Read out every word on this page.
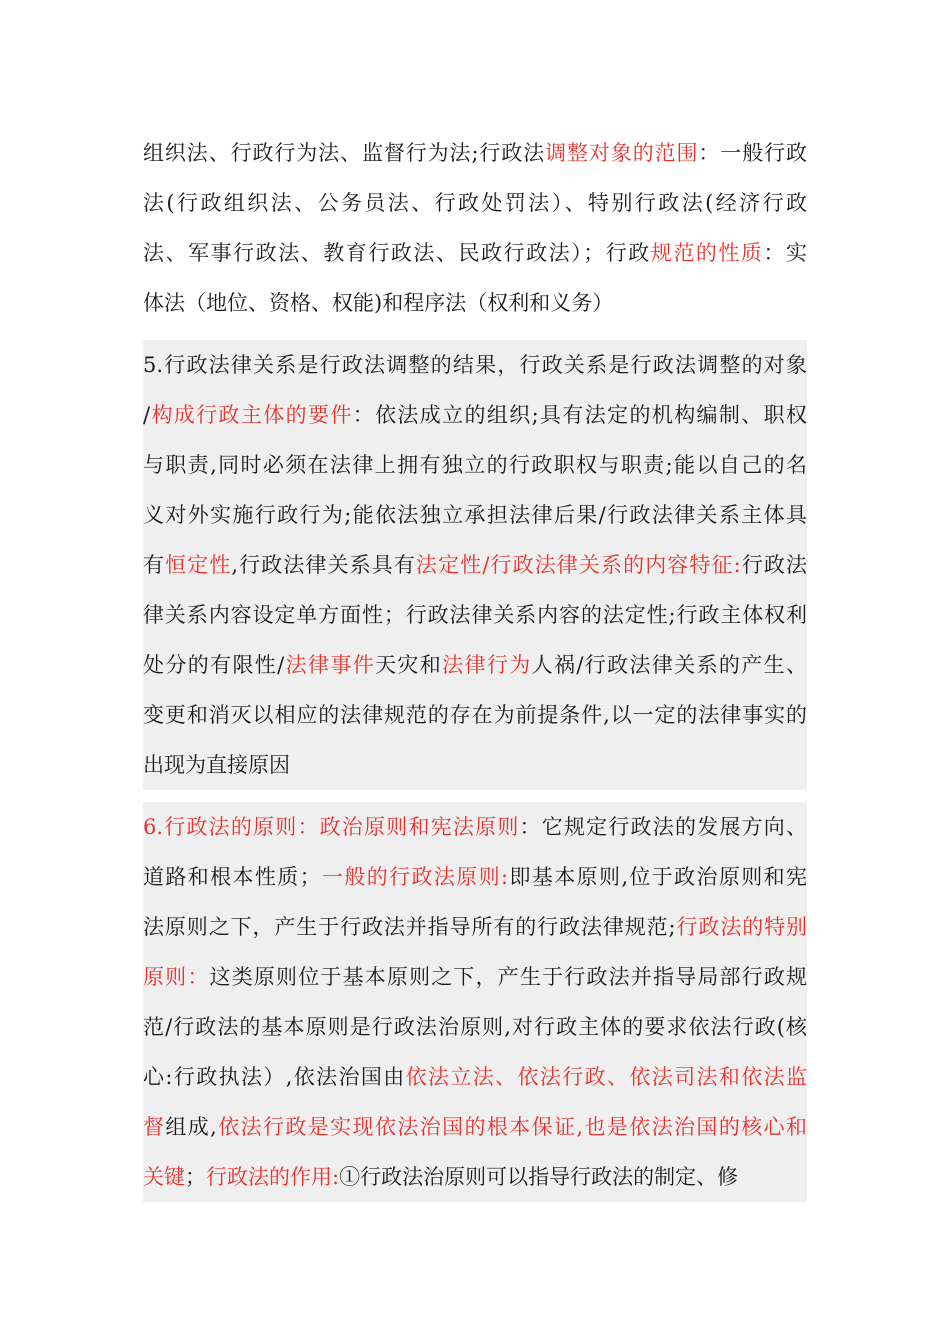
组织法、行政行为法、监督行为法;行政法调整对象的范围：一般行政
法(行政组织法、公务员法、行政处罚法）、特别行政法(经济行政
法、军事行政法、教育行政法、民政行政法）；行政规范的性质：实
体法（地位、资格、权能)和程序法（权利和义务）
5.行政法律关系是行政法调整的结果，行政关系是行政法调整的对象
/构成行政主体的要件：依法成立的组织;具有法定的机构编制、职权
与职责,同时必须在法律上拥有独立的行政职权与职责;能以自己的名
义对外实施行政行为;能依法独立承担法律后果/行政法律关系主体具
有恒定性,行政法律关系具有法定性/行政法律关系的内容特征:行政法
律关系内容设定单方面性；行政法律关系内容的法定性;行政主体权利
处分的有限性/法律事件天灾和法律行为人祸/行政法律关系的产生、
变更和消灭以相应的法律规范的存在为前提条件,以一定的法律事实的
出现为直接原因
6.行政法的原则：政治原则和宪法原则：它规定行政法的发展方向、
道路和根本性质；一般的行政法原则:即基本原则,位于政治原则和宪
法原则之下，产生于行政法并指导所有的行政法律规范;行政法的特别
原则：这类原则位于基本原则之下，产生于行政法并指导局部行政规
范/行政法的基本原则是行政法治原则,对行政主体的要求依法行政(核
心:行政执法）,依法治国由依法立法、依法行政、依法司法和依法监
督组成,依法行政是实现依法治国的根本保证,也是依法治国的核心和
关键；行政法的作用:①行政法治原则可以指导行政法的制定、修
